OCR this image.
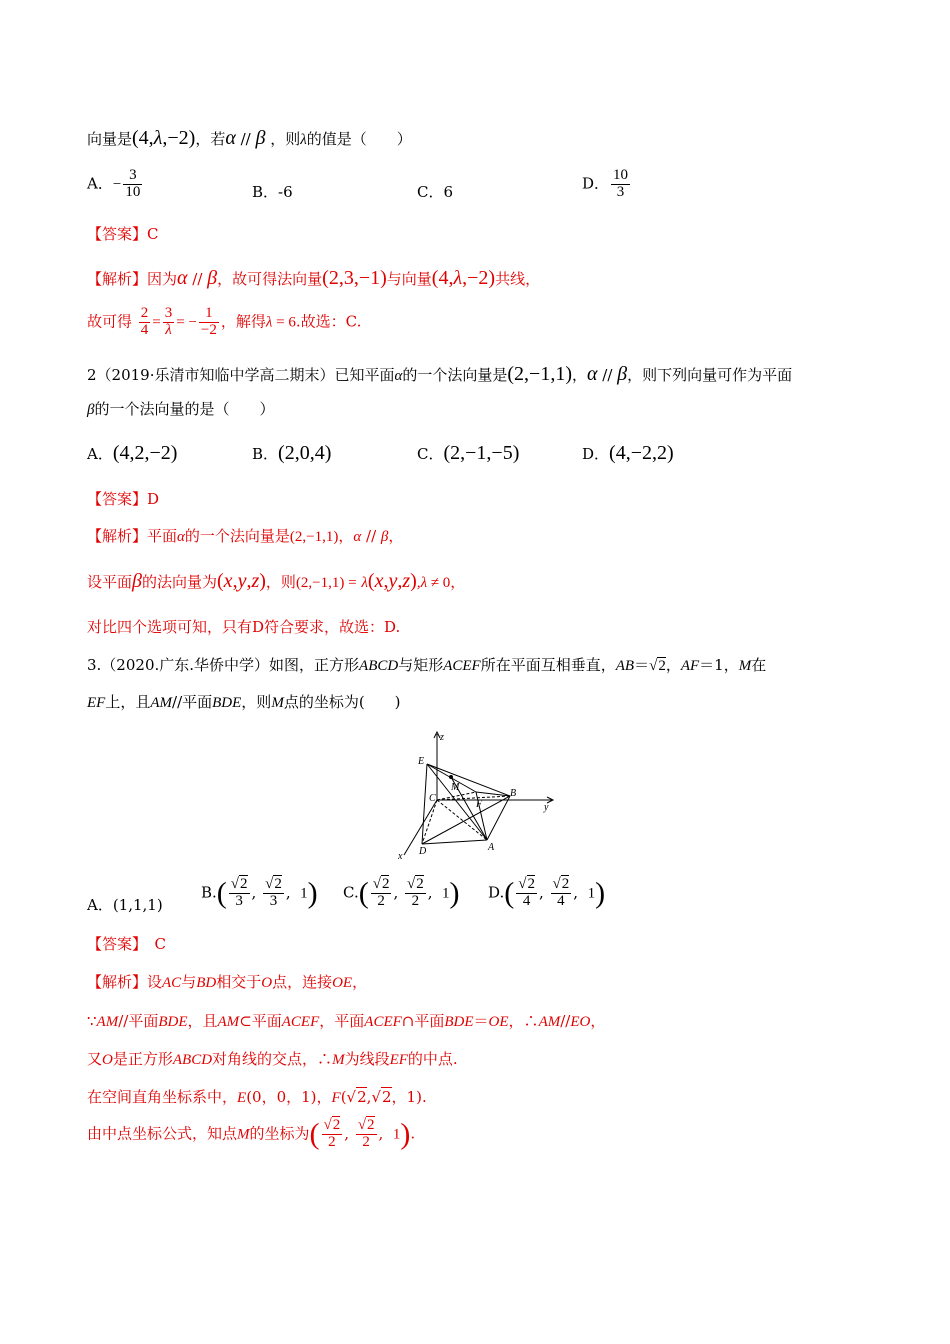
向量是(4,λ,−2)，若α // β ，则λ的值是（　　）
A．− $\frac{3}{10}$	B．-6	C．6	D． $\frac{10}{3}$
【答案】C
【解析】因为α // β，故可得法向量(2,3,−1)与向量(4,λ,−2)共线，
故可得 $\frac{2}{4} = \frac{3}{\lambda}$ = − $\frac{1}{-2}$ ，解得λ = 6.故选：C.
2（2019·乐清市知临中学高二期末）已知平面α的一个法向量是(2,−1,1)，α // β，则下列向量可作为平面
β的一个法向量的是（　　）
A．(4,2,−2)	B．(2,0,4)	C．(2,−1,−5)	D．(4,−2,2)
【答案】D
【解析】平面α的一个法向量是(2,−1,1)，α // β，
设平面β的法向量为(x,y,z)，则(2,−1,1) = λ(x,y,z),λ ≠ 0，
对比四个选项可知，只有D符合要求，故选：D.
3.（2020.广东.华侨中学）如图，正方形ABCD与矩形ACEF所在平面互相垂直，AB＝√2，AF＝1，M在
EF上，且AM//平面BDE，则M点的坐标为(　　)
z
y
x
E
M
C
F
B
D	A
A．(1,1,1)
$B.( \frac{√2}{3}$ , $\frac{√2}{3}$ ,  1) $C.( \frac{√2}{2}$ , $\frac{√2}{2}$ ,  1) $D.( \frac{√2}{4}$ , $\frac{√2}{4}$ ,  1)
【答案】　C
【解析】设AC与BD相交于O点，连接OE，
∵AM//平面BDE，且AM⊂平面ACEF，平面ACEF∩平面BDE＝OE，∴AM//EO，
又O是正方形ABCD对角线的交点，∴M为线段EF的中点.
在空间直角坐标系中，E(0，0，1)，F(√2,√2，1).
由中点坐标公式，知点M的坐标为( $\frac{√2}{2}$ , $\frac{√2}{2}$ ,  1).
